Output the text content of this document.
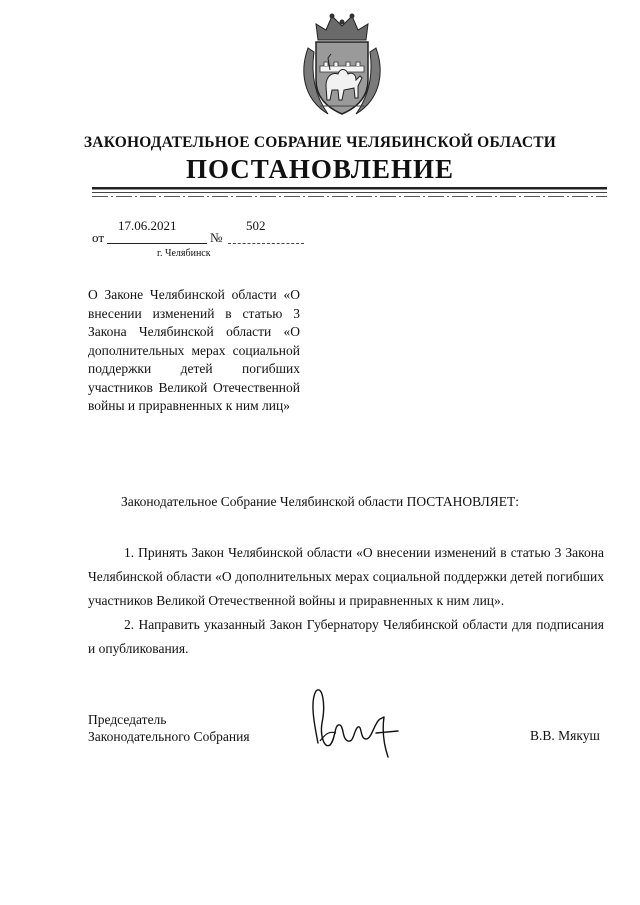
ЗАКОНОДАТЕЛЬНОЕ СОБРАНИЕ ЧЕЛЯБИНСКОЙ ОБЛАСТИ
ПОСТАНОВЛЕНИЕ
от
17.06.2021
№
502
г. Челябинск
О Законе Челябинской области «О внесении изменений в статью 3 Закона Челябинской области «О дополнительных мерах социальной поддержки детей погибших участников Великой Отечественной войны и приравненных к ним лиц»
Законодательное Собрание Челябинской области ПОСТАНОВЛЯЕТ:

1. Принять Закон Челябинской области «О внесении изменений в статью 3 Закона Челябинской области «О дополнительных мерах социальной поддержки детей погибших участников Великой Отечественной войны и приравненных к ним лиц».

2. Направить указанный Закон Губернатору Челябинской области для подписания и опубликования.

Председатель
Законодательного Собрания	В.В. Мякуш
